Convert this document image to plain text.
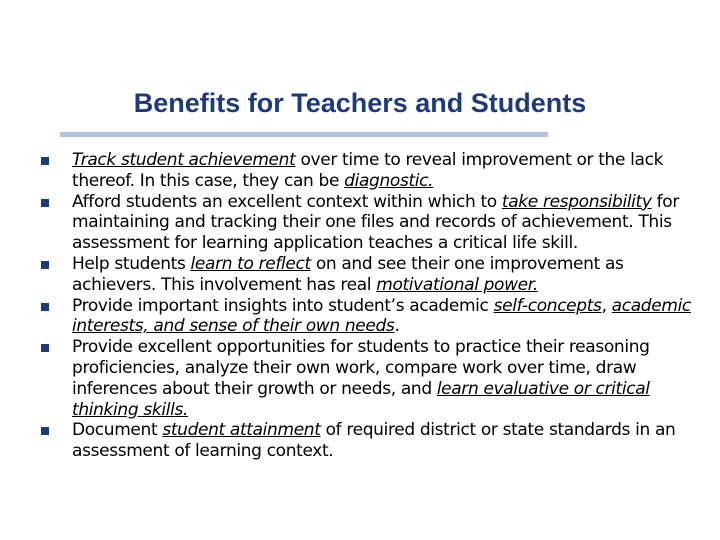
Benefits for Teachers and Students
Track student achievement over time to reveal improvement or the lack thereof. In this case, they can be diagnostic.
Afford students an excellent context within which to take responsibility for maintaining and tracking their one files and records of achievement. This assessment for learning application teaches a critical life skill.
Help students learn to reflect on and see their one improvement as achievers. This involvement has real motivational power.
Provide important insights into student’s academic self-concepts, academic interests, and sense of their own needs.
Provide excellent opportunities for students to practice their reasoning proficiencies, analyze their own work, compare work over time, draw inferences about their growth or needs, and learn evaluative or critical thinking skills.
Document student attainment of required district or state standards in an assessment of learning context.
